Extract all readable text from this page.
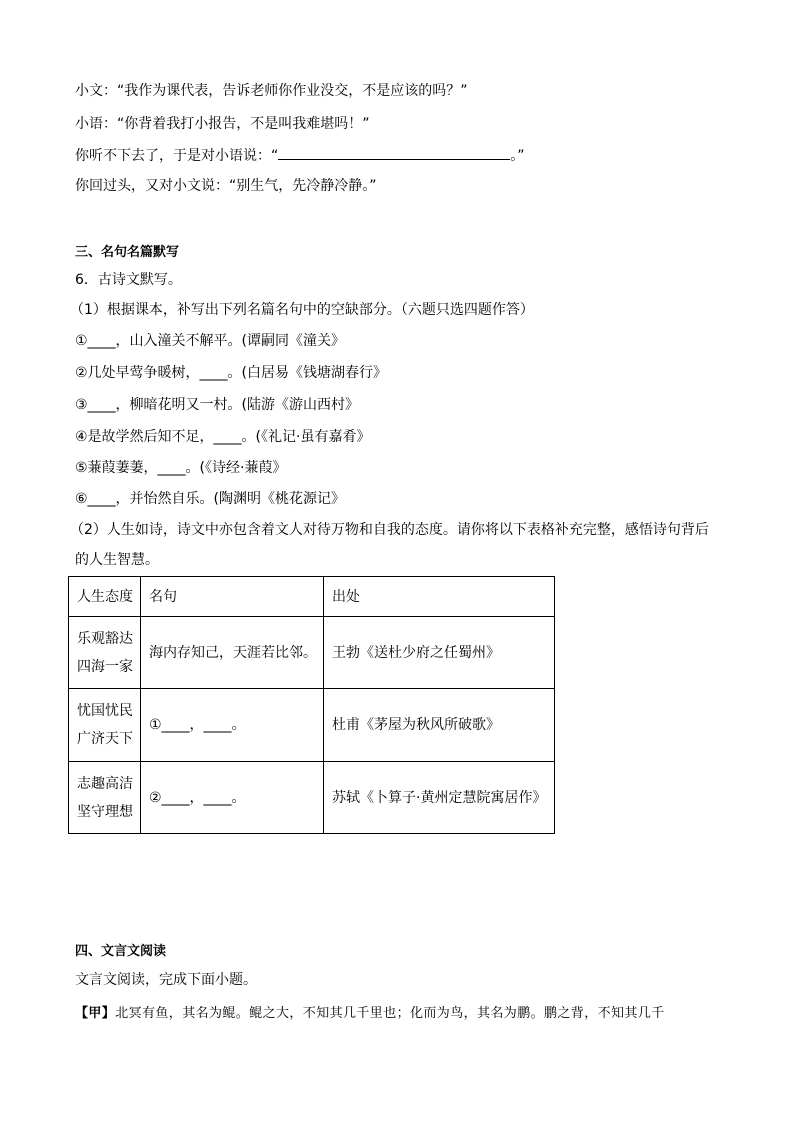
小文：“我作为课代表，告诉老师你作业没交，不是应该的吗？”
小语：“你背着我打小报告，不是叫我难堪吗！”
你听不下去了，于是对小语说：“	。”
你回过头，又对小文说：“别生气，先冷静冷静。”
三、名句名篇默写
6．古诗文默写。
（1）根据课本，补写出下列名篇名句中的空缺部分。（六题只选四题作答）
①____，山入潼关不解平。(谭嗣同《潼关》
②几处早莺争暖树，____。(白居易《钱塘湖春行》
③____，柳暗花明又一村。(陆游《游山西村》
④是故学然后知不足，____。(《礼记·虽有嘉肴》
⑤蒹葭萋萋，____。(《诗经·蒹葭》
⑥____，并怡然自乐。(陶渊明《桃花源记》
（2）人生如诗，诗文中亦包含着文人对待万物和自我的态度。请你将以下表格补充完整，感悟诗句背后
的人生智慧。
人生态度	名句	出处
乐观豁达
四海一家	海内存知己，天涯若比邻。	王勃《送杜少府之任蜀州》
忧国忧民
广济天下	①____，____。	杜甫《茅屋为秋风所破歌》
志趣高洁
坚守理想	②____，____。	苏轼《卜算子·黄州定慧院寓居作》
四、文言文阅读
文言文阅读，完成下面小题。
【甲】北冥有鱼，其名为鲲。鲲之大，不知其几千里也；化而为鸟，其名为鹏。鹏之背，不知其几千
